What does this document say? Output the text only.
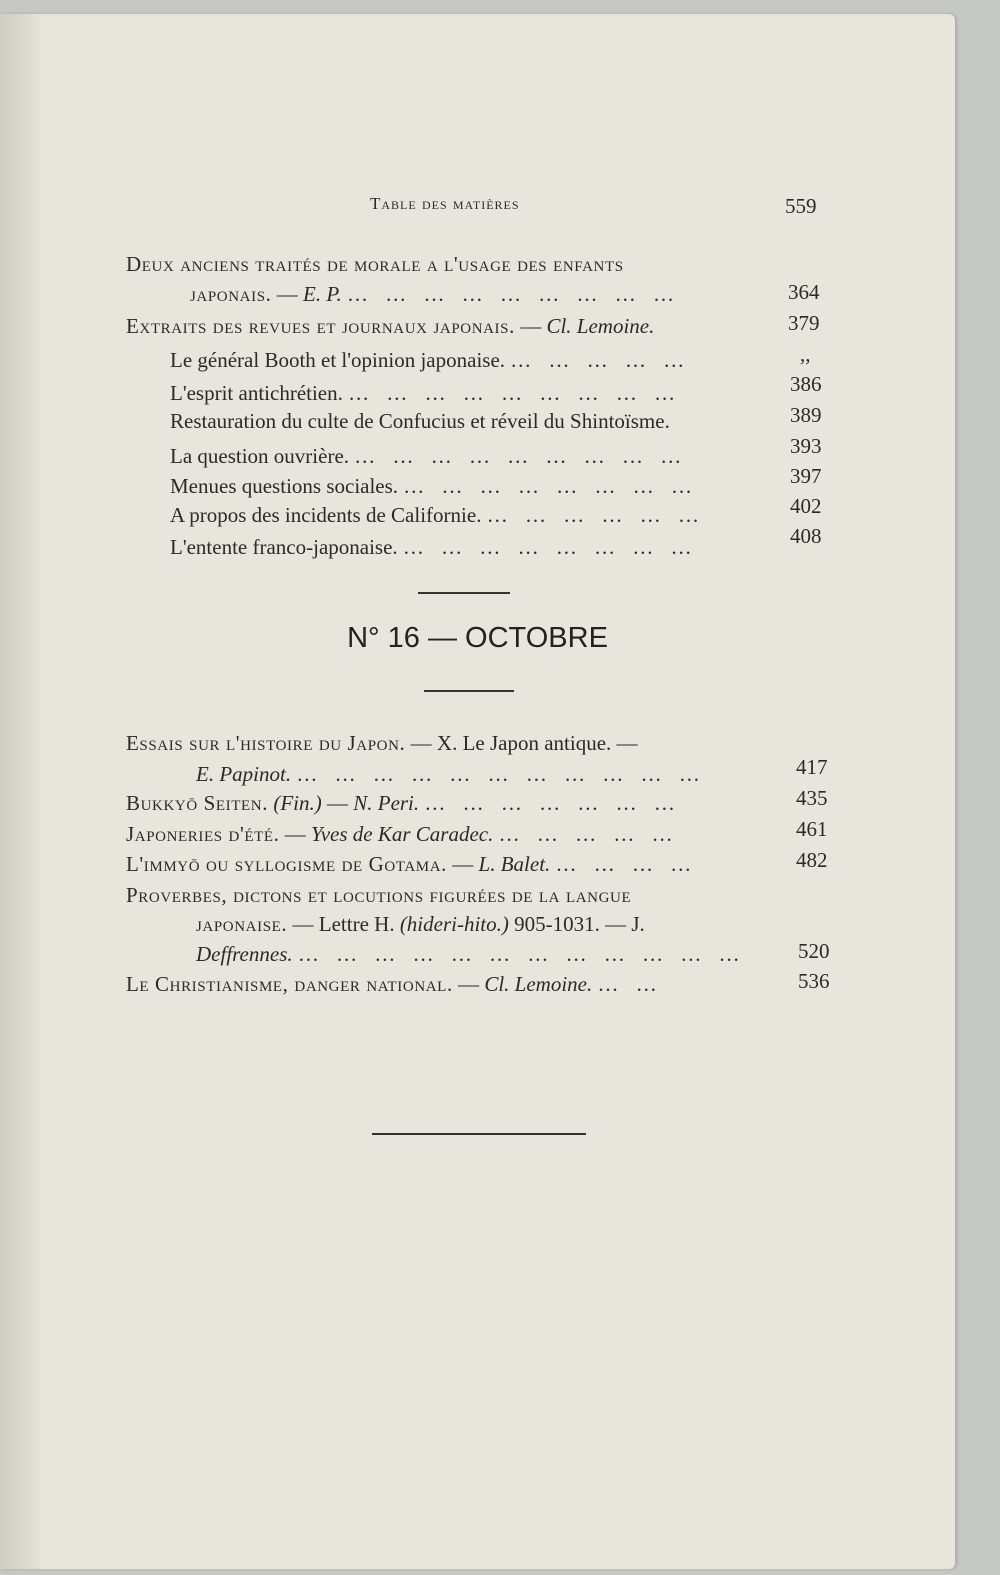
Table des matières	559
Deux anciens traités de morale a l'usage des enfants
japonais. — E. P. … … … … … … … … …	364
Extraits des revues et journaux japonais. — Cl. Lemoine.	379
Le général Booth et l'opinion japonaise. … … … … …	,,
L'esprit antichrétien. … … … … … … … … …	386
Restauration du culte de Confucius et réveil du Shintoïsme.	389
La question ouvrière. … … … … … … … … …	393
Menues questions sociales. … … … … … … … …	397
A propos des incidents de Californie. … … … … … …	402
L'entente franco-japonaise. … … … … … … … …	408
N° 16 — OCTOBRE
Essais sur l'histoire du Japon. — X. Le Japon antique. —
E. Papinot. … … … … … … … … … … …	417
Bukkyō Seiten. (Fin.) — N. Peri. … … … … … … …	435
Japoneries d'été. — Yves de Kar Caradec. … … … … …	461
L'immyō ou syllogisme de Gotama. — L. Balet. … … … …	482
Proverbes, dictons et locutions figurées de la langue
japonaise. — Lettre H. (hideri-hito.) 905-1031. — J.
Deffrennes. … … … … … … … … … … … … 520
Le Christianisme, danger national. — Cl. Lemoine. … …	536
